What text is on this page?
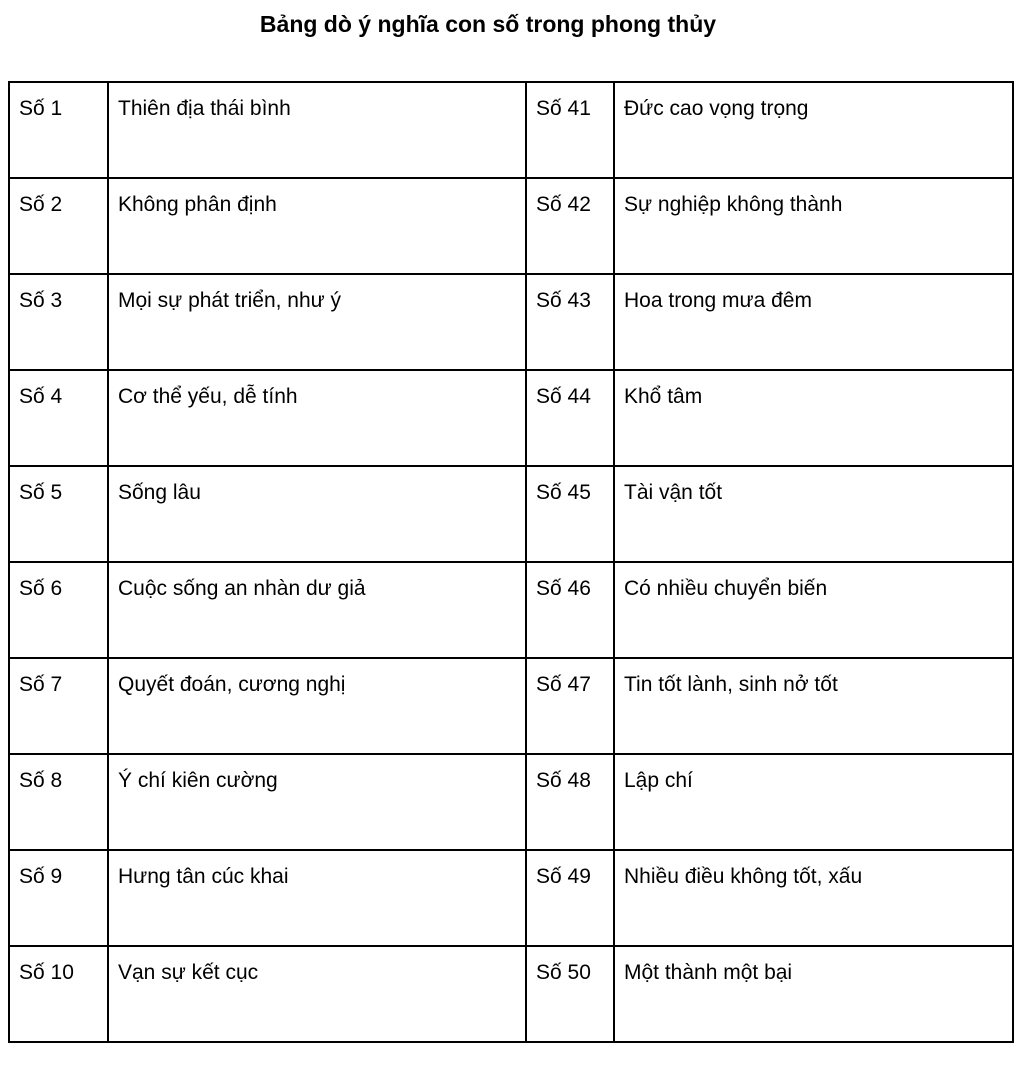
Bảng dò ý nghĩa con số trong phong thủy
Số 1	Thiên địa thái bình	Số 41	Đức cao vọng trọng
Số 2	Không phân định	Số 42	Sự nghiệp không thành
Số 3	Mọi sự phát triển, như ý	Số 43	Hoa trong mưa đêm
Số 4	Cơ thể yếu, dễ tính	Số 44	Khổ tâm
Số 5	Sống lâu	Số 45	Tài vận tốt
Số 6	Cuộc sống an nhàn dư giả	Số 46	Có nhiều chuyển biến
Số 7	Quyết đoán, cương nghị	Số 47	Tin tốt lành, sinh nở tốt
Số 8	Ý chí kiên cường	Số 48	Lập chí
Số 9	Hưng tân cúc khai	Số 49	Nhiều điều không tốt, xấu
Số 10	Vạn sự kết cục	Số 50	Một thành một bại
